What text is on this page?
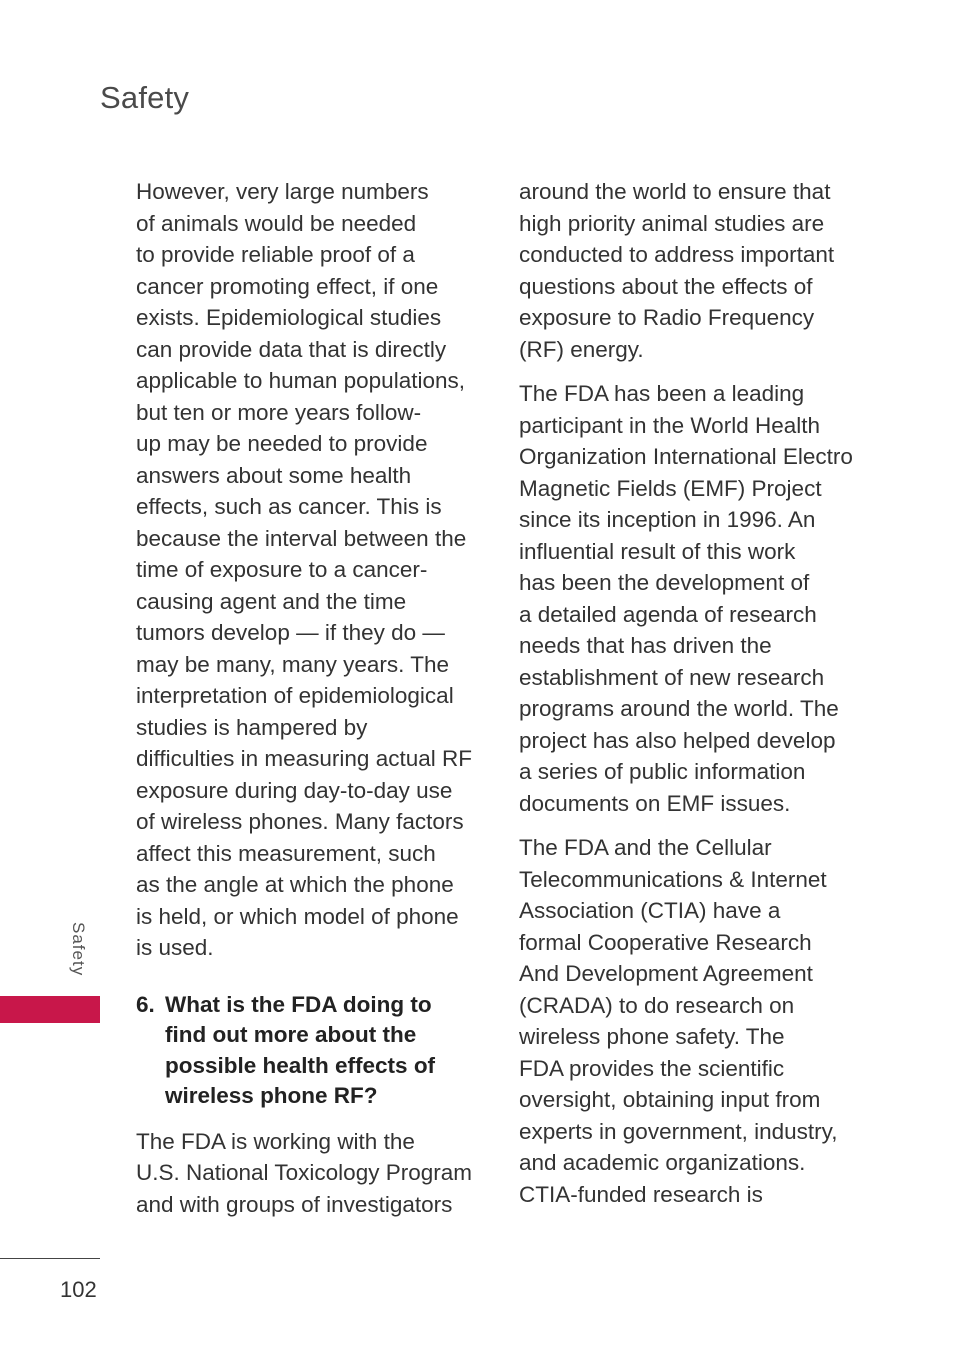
Safety

However, very large numbers
of animals would be needed
to provide reliable proof of a
cancer promoting effect, if one
exists. Epidemiological studies
can provide data that is directly
applicable to human populations,
but ten or more years follow-
up may be needed to provide
answers about some health
effects, such as cancer. This is
because the interval between the
time of exposure to a cancer-
causing agent and the time
tumors develop — if they do —
may be many, many years. The
interpretation of epidemiological
studies is hampered by
difficulties in measuring actual RF
exposure during day-to-day use
of wireless phones. Many factors
affect this measurement, such
as the angle at which the phone
is held, or which model of phone
is used.

6. What is the FDA doing to
find out more about the
possible health effects of
wireless phone RF?

The FDA is working with the
U.S. National Toxicology Program
and with groups of investigators

around the world to ensure that
high priority animal studies are
conducted to address important
questions about the effects of
exposure to Radio Frequency
(RF) energy.

The FDA has been a leading
participant in the World Health
Organization International Electro
Magnetic Fields (EMF) Project
since its inception in 1996. An
influential result of this work
has been the development of
a detailed agenda of research
needs that has driven the
establishment of new research
programs around the world. The
project has also helped develop
a series of public information
documents on EMF issues.

The FDA and the Cellular
Telecommunications & Internet
Association (CTIA) have a
formal Cooperative Research
And Development Agreement
(CRADA) to do research on
wireless phone safety. The
FDA provides the scientific
oversight, obtaining input from
experts in government, industry,
and academic organizations.
CTIA-funded research is

Safety
102
